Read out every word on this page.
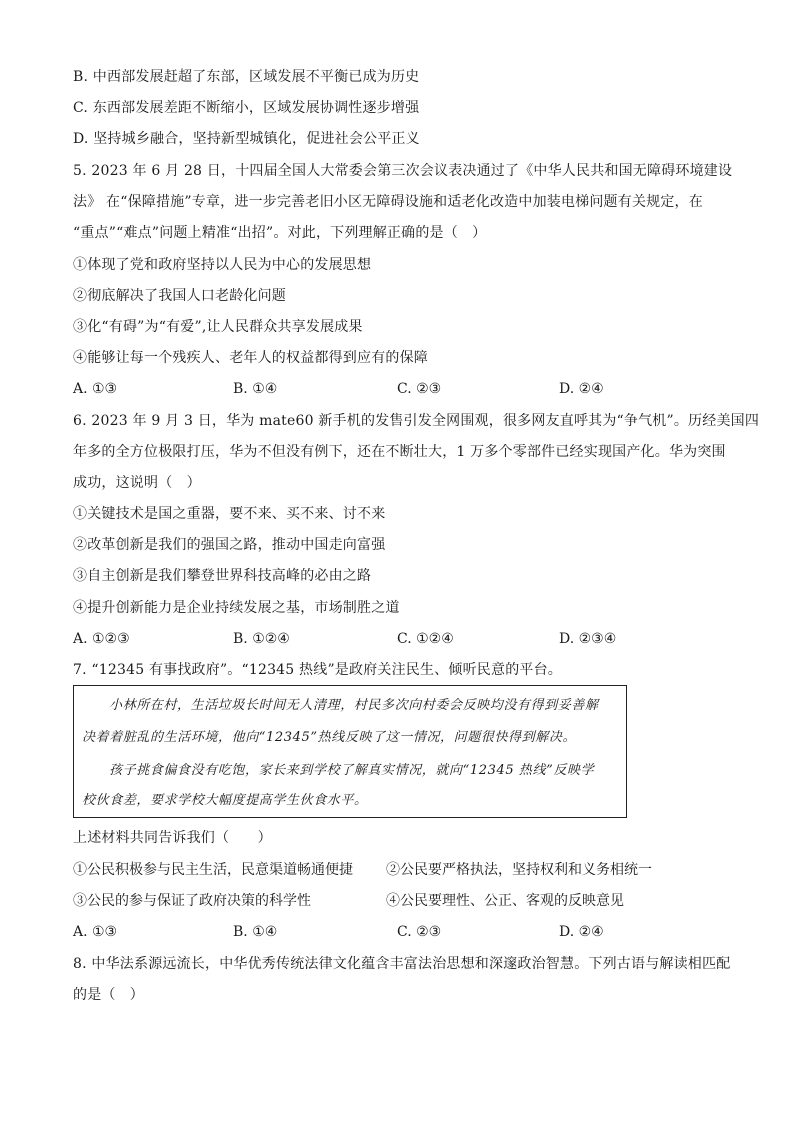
B. 中西部发展赶超了东部，区域发展不平衡已成为历史
C. 东西部发展差距不断缩小，区域发展协调性逐步增强
D. 坚持城乡融合，坚持新型城镇化，促进社会公平正义
5. 2023 年 6 月 28 日，十四届全国人大常委会第三次会议表决通过了《中华人民共和国无障碍环境建设
法》 在“保障措施”专章，进一步完善老旧小区无障碍设施和适老化改造中加装电梯问题有关规定，在
“重点”“难点”问题上精准“出招”。对此，下列理解正确的是（　）
①体现了党和政府坚持以人民为中心的发展思想
②彻底解决了我国人口老龄化问题
③化“有碍”为“有爱”,让人民群众共享发展成果
④能够让每一个残疾人、老年人的权益都得到应有的保障
A. ①③	B. ①④	C. ②③	D. ②④
6. 2023 年 9 月 3 日，华为 mate60 新手机的发售引发全网围观，很多网友直呼其为“争气机”。历经美国四
年多的全方位极限打压，华为不但没有例下，还在不断壮大，1 万多个零部件已经实现国产化。华为突围
成功，这说明（　）
①关键技术是国之重器，要不来、买不来、讨不来
②改革创新是我们的强国之路，推动中国走向富强
③自主创新是我们攀登世界科技高峰的必由之路
④提升创新能力是企业持续发展之基，市场制胜之道
A. ①②③	B. ①②④	C. ①②④	D. ②③④
7. “12345 有事找政府”。“12345 热线”是政府关注民生、倾听民意的平台。
小林所在村，生活垃圾长时间无人清理，村民多次向村委会反映均没有得到妥善解
决着着脏乱的生活环境，他向“12345”热线反映了这一情况，问题很快得到解决。
孩子挑食偏食没有吃饱，家长来到学校了解真实情况，就向“12345 热线”反映学
校伙食差，要求学校大幅度提高学生伙食水平。
上述材料共同告诉我们（　　）
①公民积极参与民主生活，民意渠道畅通便捷 ②公民要严格执法，坚持权利和义务相统一
③公民的参与保证了政府决策的科学性	④公民要理性、公正、客观的反映意见
A. ①③	B. ①④	C. ②③	D. ②④
8. 中华法系源远流长，中华优秀传统法律文化蕴含丰富法治思想和深邃政治智慧。下列古语与解读相匹配
的是（　）
